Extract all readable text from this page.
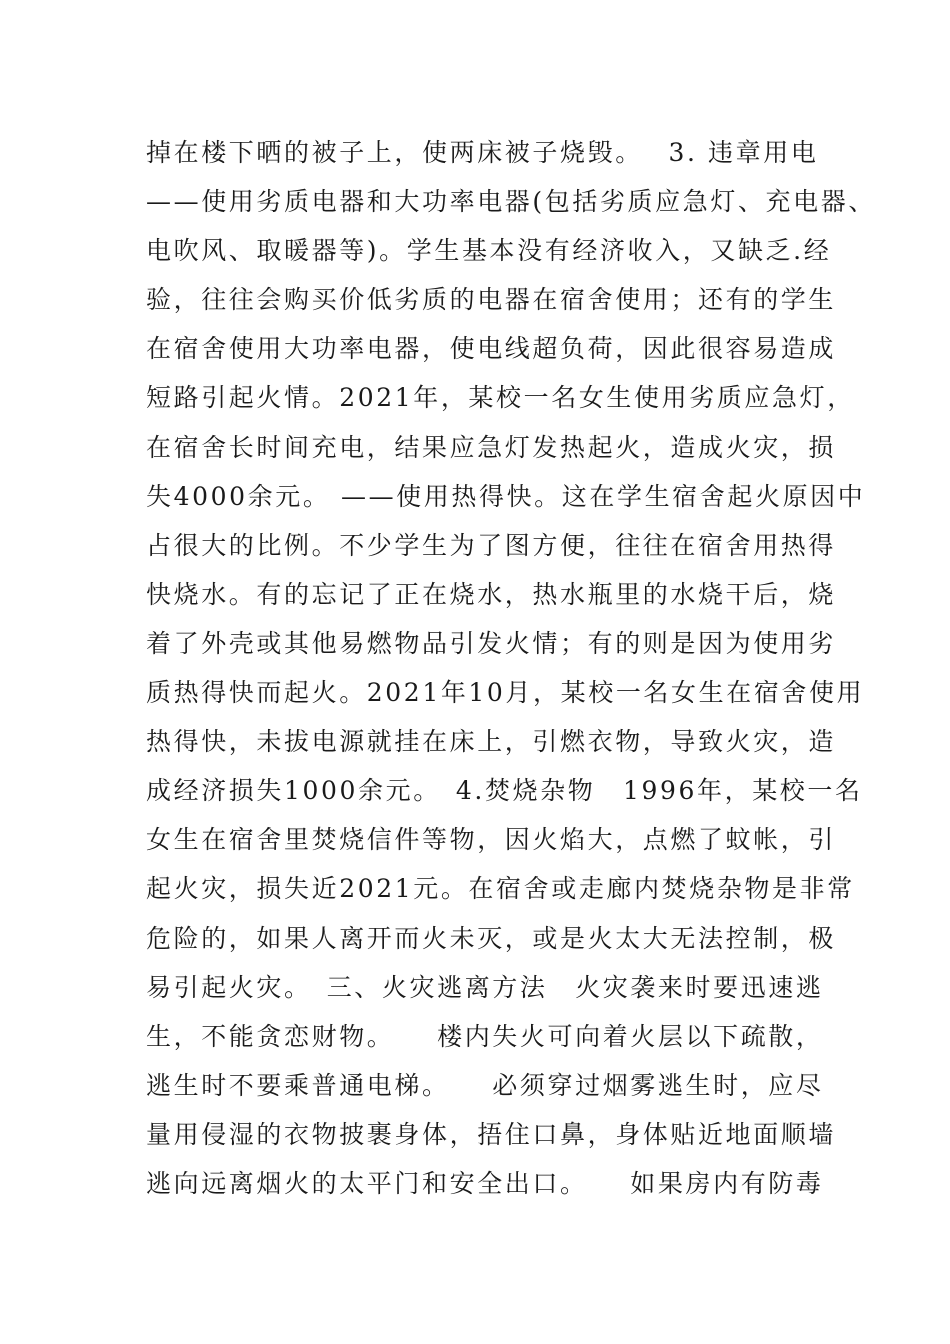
掉在楼下晒的被子上，使两床被子烧毁。　 3. 违章用电
——使用劣质电器和大功率电器(包括劣质应急灯、充电器、
电吹风、取暖器等)。学生基本没有经济收入，又缺乏.经
验，往往会购买价低劣质的电器在宿舍使用；还有的学生
在宿舍使用大功率电器，使电线超负荷，因此很容易造成
短路引起火情。2021年，某校一名女生使用劣质应急灯，
在宿舍长时间充电，结果应急灯发热起火，造成火灾，损
失4000余元。 ——使用热得快。这在学生宿舍起火原因中
占很大的比例。不少学生为了图方便，往往在宿舍用热得
快烧水。有的忘记了正在烧水，热水瓶里的水烧干后，烧
着了外壳或其他易燃物品引发火情；有的则是因为使用劣
质热得快而起火。2021年10月，某校一名女生在宿舍使用
热得快，未拔电源就挂在床上，引燃衣物，导致火灾，造
成经济损失1000余元。　4.焚烧杂物　1996年，某校一名
女生在宿舍里焚烧信件等物，因火焰大，点燃了蚊帐，引
起火灾，损失近2021元。在宿舍或走廊内焚烧杂物是非常
危险的，如果人离开而火未灭，或是火太大无法控制，极
易引起火灾。　三、火灾逃离方法　火灾袭来时要迅速逃
生，不能贪恋财物。　　楼内失火可向着火层以下疏散，
逃生时不要乘普通电梯。　　必须穿过烟雾逃生时，应尽
量用侵湿的衣物披裹身体，捂住口鼻，身体贴近地面顺墙
逃向远离烟火的太平门和安全出口。　　如果房内有防毒
